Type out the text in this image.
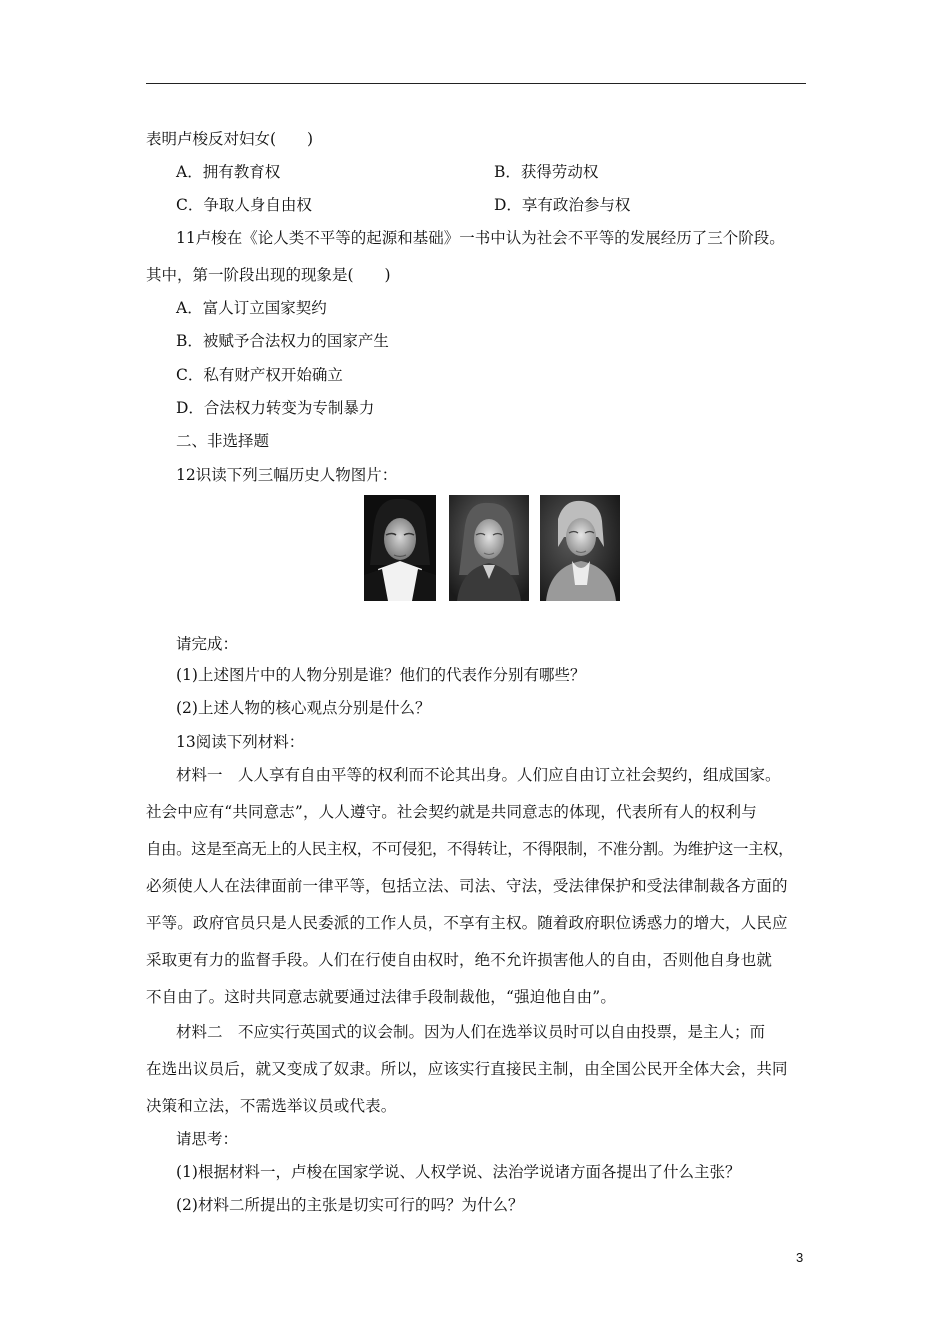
表明卢梭反对妇女(　　)
A．拥有教育权	B．获得劳动权
C．争取人身自由权	D．享有政治参与权
11卢梭在《论人类不平等的起源和基础》一书中认为社会不平等的发展经历了三个阶段。
其中，第一阶段出现的现象是(　　)
A．富人订立国家契约
B．被赋予合法权力的国家产生
C．私有财产权开始确立
D．合法权力转变为专制暴力
二、非选择题
12识读下列三幅历史人物图片：
请完成：
(1)上述图片中的人物分别是谁？他们的代表作分别有哪些？
(2)上述人物的核心观点分别是什么？
13阅读下列材料：
材料一　人人享有自由平等的权利而不论其出身。人们应自由订立社会契约，组成国家。
社会中应有“共同意志”，人人遵守。社会契约就是共同意志的体现，代表所有人的权利与
自由。这是至高无上的人民主权，不可侵犯，不得转让，不得限制，不准分割。为维护这一主权，
必须使人人在法律面前一律平等，包括立法、司法、守法，受法律保护和受法律制裁各方面的
平等。政府官员只是人民委派的工作人员，不享有主权。随着政府职位诱惑力的增大，人民应
采取更有力的监督手段。人们在行使自由权时，绝不允许损害他人的自由，否则他自身也就
不自由了。这时共同意志就要通过法律手段制裁他，“强迫他自由”。
材料二　不应实行英国式的议会制。因为人们在选举议员时可以自由投票，是主人；而
在选出议员后，就又变成了奴隶。所以，应该实行直接民主制，由全国公民开全体大会，共同
决策和立法，不需选举议员或代表。
请思考：
(1)根据材料一，卢梭在国家学说、人权学说、法治学说诸方面各提出了什么主张？
(2)材料二所提出的主张是切实可行的吗？为什么？
3
